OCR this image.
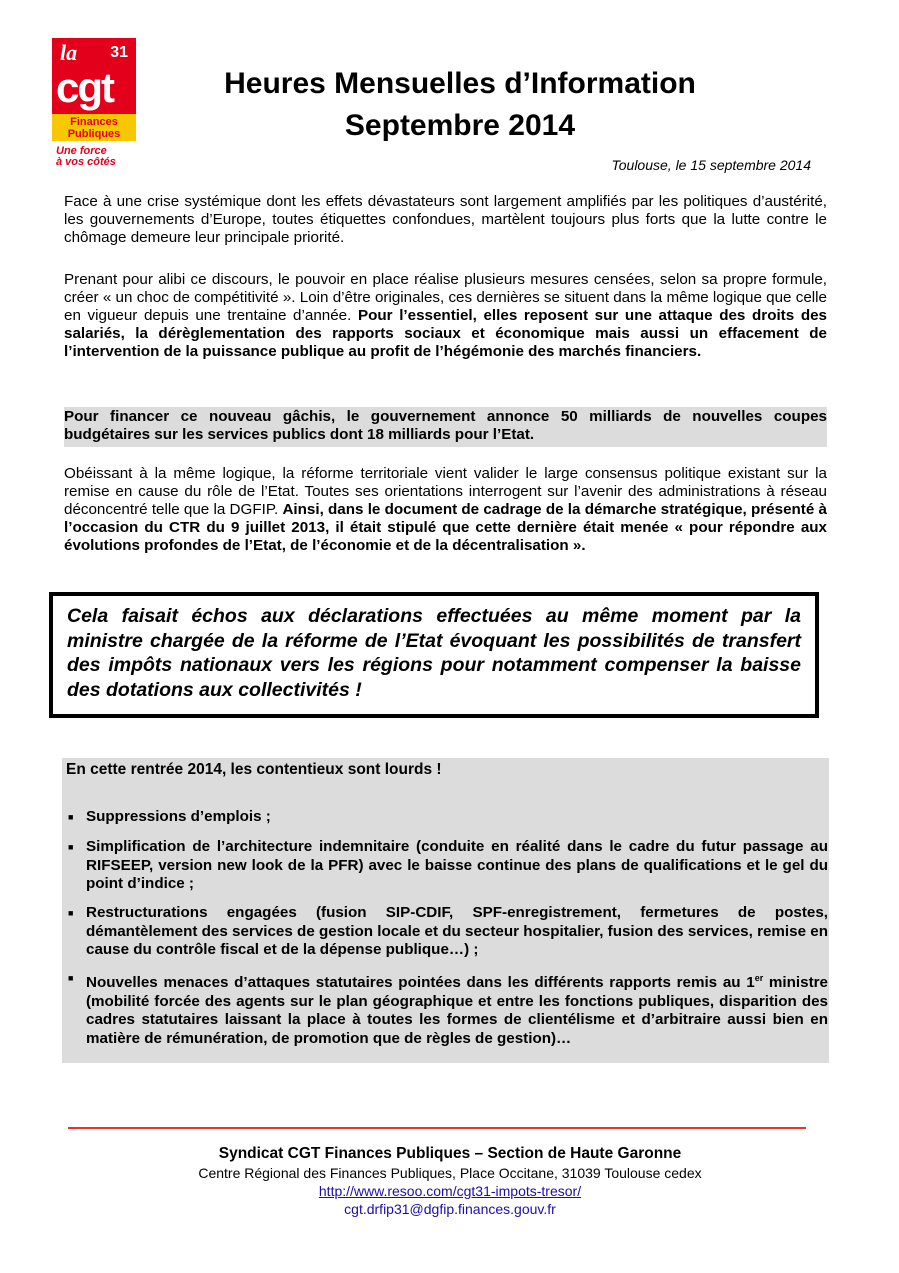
la 31
cgt
Finances
Publiques
Une force
à vos côtés
Heures Mensuelles d’Information
Septembre 2014
Toulouse, le 15 septembre 2014
Face à une crise systémique dont les effets dévastateurs sont largement amplifiés par les politiques d’austérité, les gouvernements d’Europe, toutes étiquettes confondues, martèlent toujours plus forts que la lutte contre le chômage demeure leur principale priorité.
Prenant pour alibi ce discours, le pouvoir en place réalise plusieurs mesures censées, selon sa propre formule, créer « un choc de compétitivité ». Loin d’être originales, ces dernières se situent dans la même logique que celle en vigueur depuis une trentaine d’année. Pour l’essentiel, elles reposent sur une attaque des droits des salariés, la dérèglementation des rapports sociaux et économique mais aussi un effacement de l’intervention de la puissance publique au profit de l’hégémonie des marchés financiers.
Pour financer ce nouveau gâchis, le gouvernement annonce 50 milliards de nouvelles coupes budgétaires sur les services publics dont 18 milliards pour l’Etat.
Obéissant à la même logique, la réforme territoriale vient valider le large consensus politique existant sur la remise en cause du rôle de l’Etat. Toutes ses orientations interrogent sur l’avenir des administrations à réseau déconcentré telle que la DGFIP. Ainsi, dans le document de cadrage de la démarche stratégique, présenté à l’occasion du CTR du 9 juillet 2013, il était stipulé que cette dernière était menée « pour répondre aux évolutions profondes de l’Etat, de l’économie et de la décentralisation ».
Cela faisait échos aux déclarations effectuées au même moment par la ministre chargée de la réforme de l’Etat évoquant les possibilités de transfert des impôts nationaux vers les régions pour notamment compenser la baisse des dotations aux collectivités !
En cette rentrée 2014, les contentieux sont lourds !
■ Suppressions d’emplois ;
■ Simplification de l’architecture indemnitaire (conduite en réalité dans le cadre du futur passage au RIFSEEP, version new look de la PFR) avec le baisse continue des plans de qualifications et le gel du point d’indice ;
■ Restructurations engagées (fusion SIP-CDIF, SPF-enregistrement, fermetures de postes, démantèlement des services de gestion locale et du secteur hospitalier, fusion des services, remise en cause du contrôle fiscal et de la dépense publique…) ;
■ Nouvelles menaces d’attaques statutaires pointées dans les différents rapports remis au 1er ministre (mobilité forcée des agents sur le plan géographique et entre les fonctions publiques, disparition des cadres statutaires laissant la place à toutes les formes de clientélisme et d’arbitraire aussi bien en matière de rémunération, de promotion que de règles de gestion)…
Syndicat CGT Finances Publiques – Section de Haute Garonne
Centre Régional des Finances Publiques, Place Occitane, 31039 Toulouse cedex
http://www.resoo.com/cgt31-impots-tresor/
cgt.drfip31@dgfip.finances.gouv.fr
